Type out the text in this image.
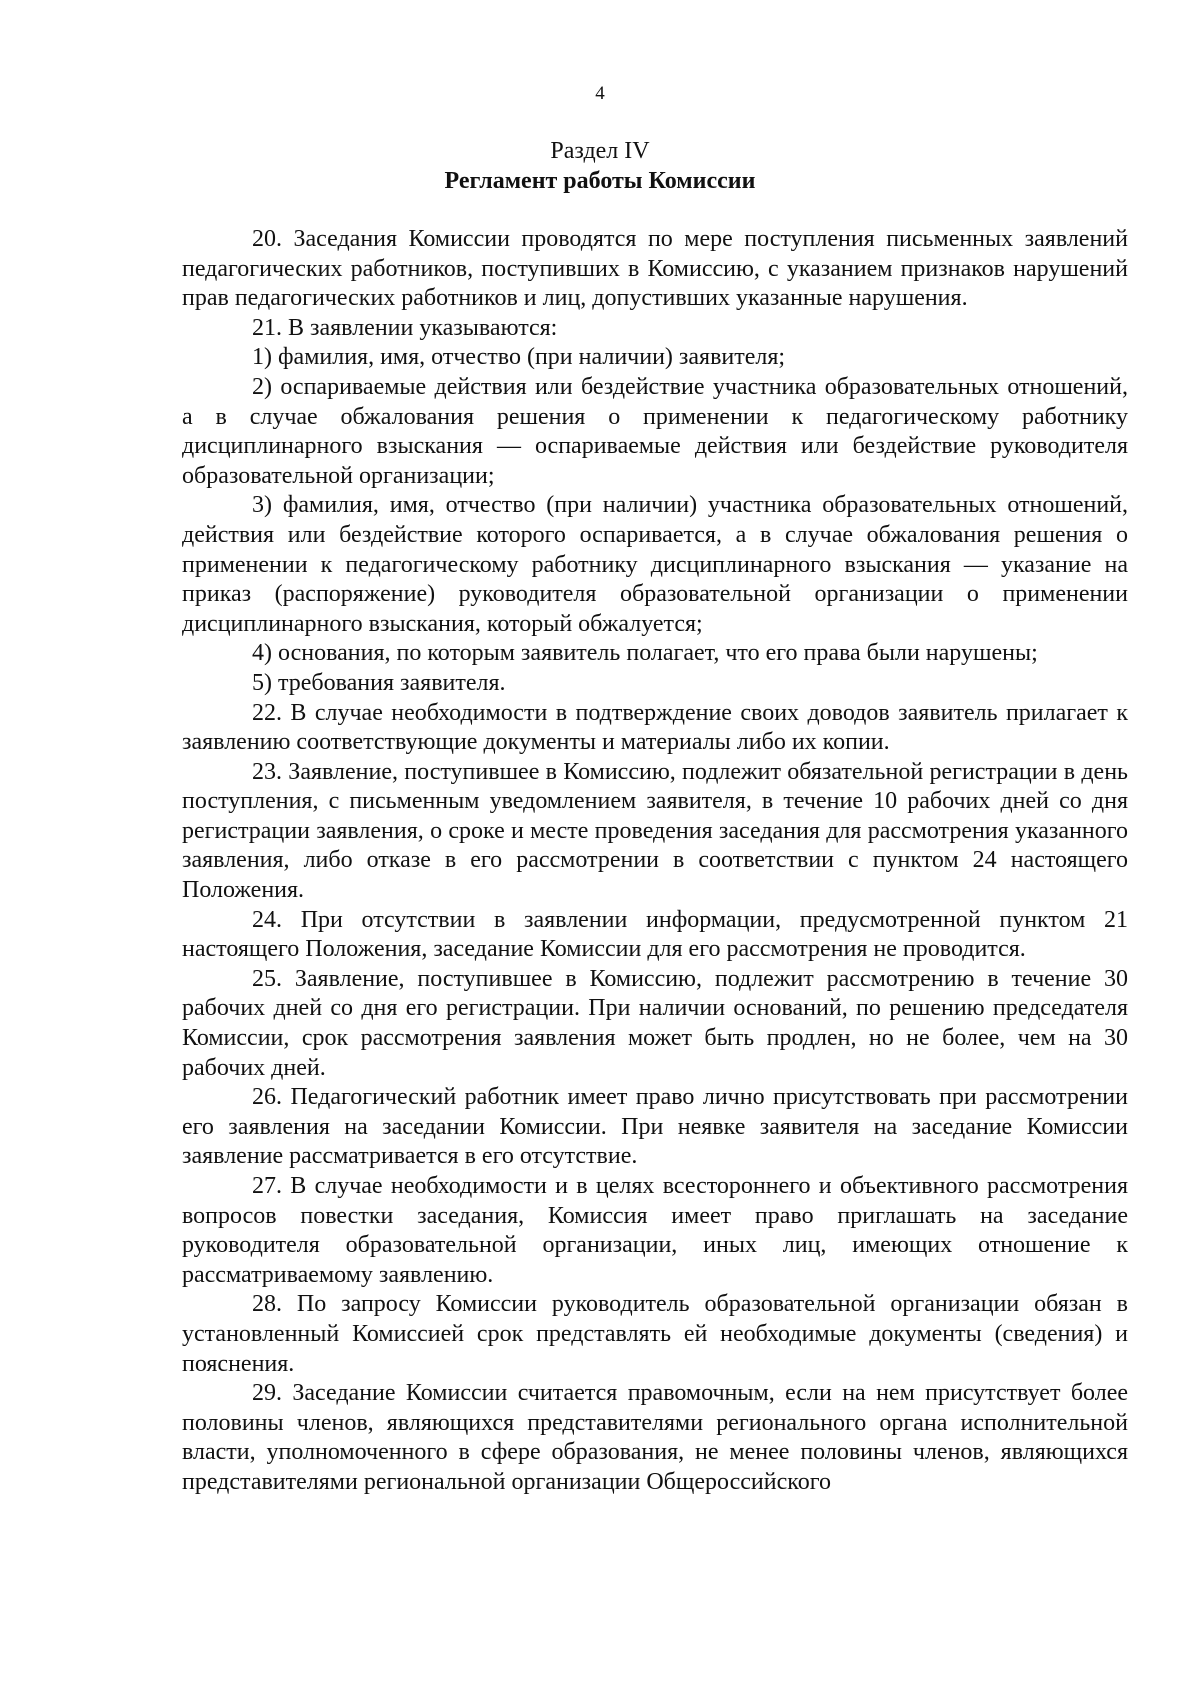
4
Раздел IV
Регламент работы Комиссии

20. Заседания Комиссии проводятся по мере поступления письменных заявлений педагогических работников, поступивших в Комиссию, с указанием признаков нарушений прав педагогических работников и лиц, допустивших указанные нарушения.

21. В заявлении указываются:

1) фамилия, имя, отчество (при наличии) заявителя;

2) оспариваемые действия или бездействие участника образовательных отношений, а в случае обжалования решения о применении к педагогическому работнику дисциплинарного взыскания — оспариваемые действия или бездействие руководителя образовательной организации;

3) фамилия, имя, отчество (при наличии) участника образовательных отношений, действия или бездействие которого оспаривается, а в случае обжалования решения о применении к педагогическому работнику дисциплинарного взыскания — указание на приказ (распоряжение) руководителя образовательной организации о применении дисциплинарного взыскания, который обжалуется;

4) основания, по которым заявитель полагает, что его права были нарушены;

5) требования заявителя.

22. В случае необходимости в подтверждение своих доводов заявитель прилагает к заявлению соответствующие документы и материалы либо их копии.

23. Заявление, поступившее в Комиссию, подлежит обязательной регистрации в день поступления, с письменным уведомлением заявителя, в течение 10 рабочих дней со дня регистрации заявления, о сроке и месте проведения заседания для рассмотрения указанного заявления, либо отказе в его рассмотрении в соответствии с пунктом 24 настоящего Положения.

24. При отсутствии в заявлении информации, предусмотренной пунктом 21 настоящего Положения, заседание Комиссии для его рассмотрения не проводится.

25. Заявление, поступившее в Комиссию, подлежит рассмотрению в течение 30 рабочих дней со дня его регистрации. При наличии оснований, по решению председателя Комиссии, срок рассмотрения заявления может быть продлен, но не более, чем на 30 рабочих дней.

26. Педагогический работник имеет право лично присутствовать при рассмотрении его заявления на заседании Комиссии. При неявке заявителя на заседание Комиссии заявление рассматривается в его отсутствие.

27. В случае необходимости и в целях всестороннего и объективного рассмотрения вопросов повестки заседания, Комиссия имеет право приглашать на заседание руководителя образовательной организации, иных лиц, имеющих отношение к рассматриваемому заявлению.

28. По запросу Комиссии руководитель образовательной организации обязан в установленный Комиссией срок представлять ей необходимые документы (сведения) и пояснения.

29. Заседание Комиссии считается правомочным, если на нем присутствует более половины членов, являющихся представителями регионального органа исполнительной власти, уполномоченного в сфере образования, не менее половины членов, являющихся представителями региональной организации Общероссийского
